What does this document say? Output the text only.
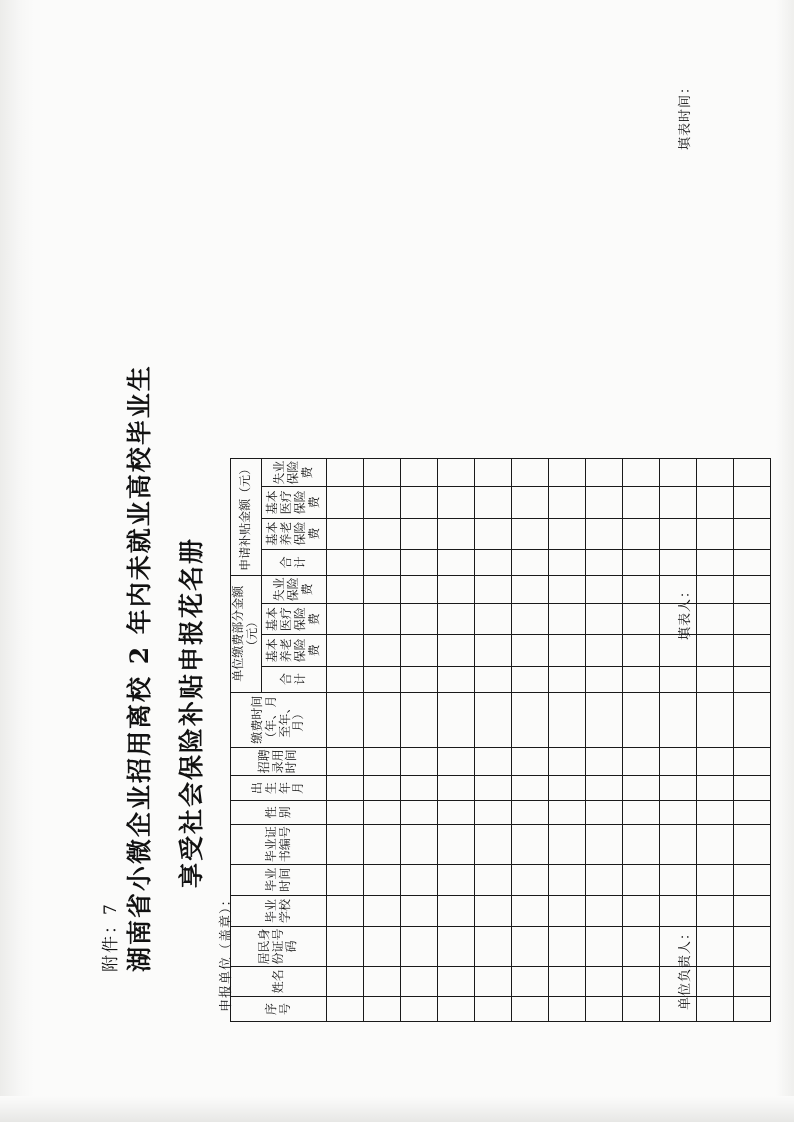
附件：7	申报单位（盖章）：
湖南省小微企业招用离校 2 年内未就业高校毕业生 享受社会保险补贴申报花名册
单位负责人：
填表人：
填表时间：
序号	姓名	居民身份证号码	毕业学校	毕业时间	毕业证书编号	性别	出生年月	招聘录用时间	缴费时间（年、月至年、月）	单位缴费部分金额（元）				申请补贴金额（元）			

										合计	基本养老保险费	基本医疗保险费	失业保险费	合计	基本养老保险费	基本医疗保险费	失业保险费
